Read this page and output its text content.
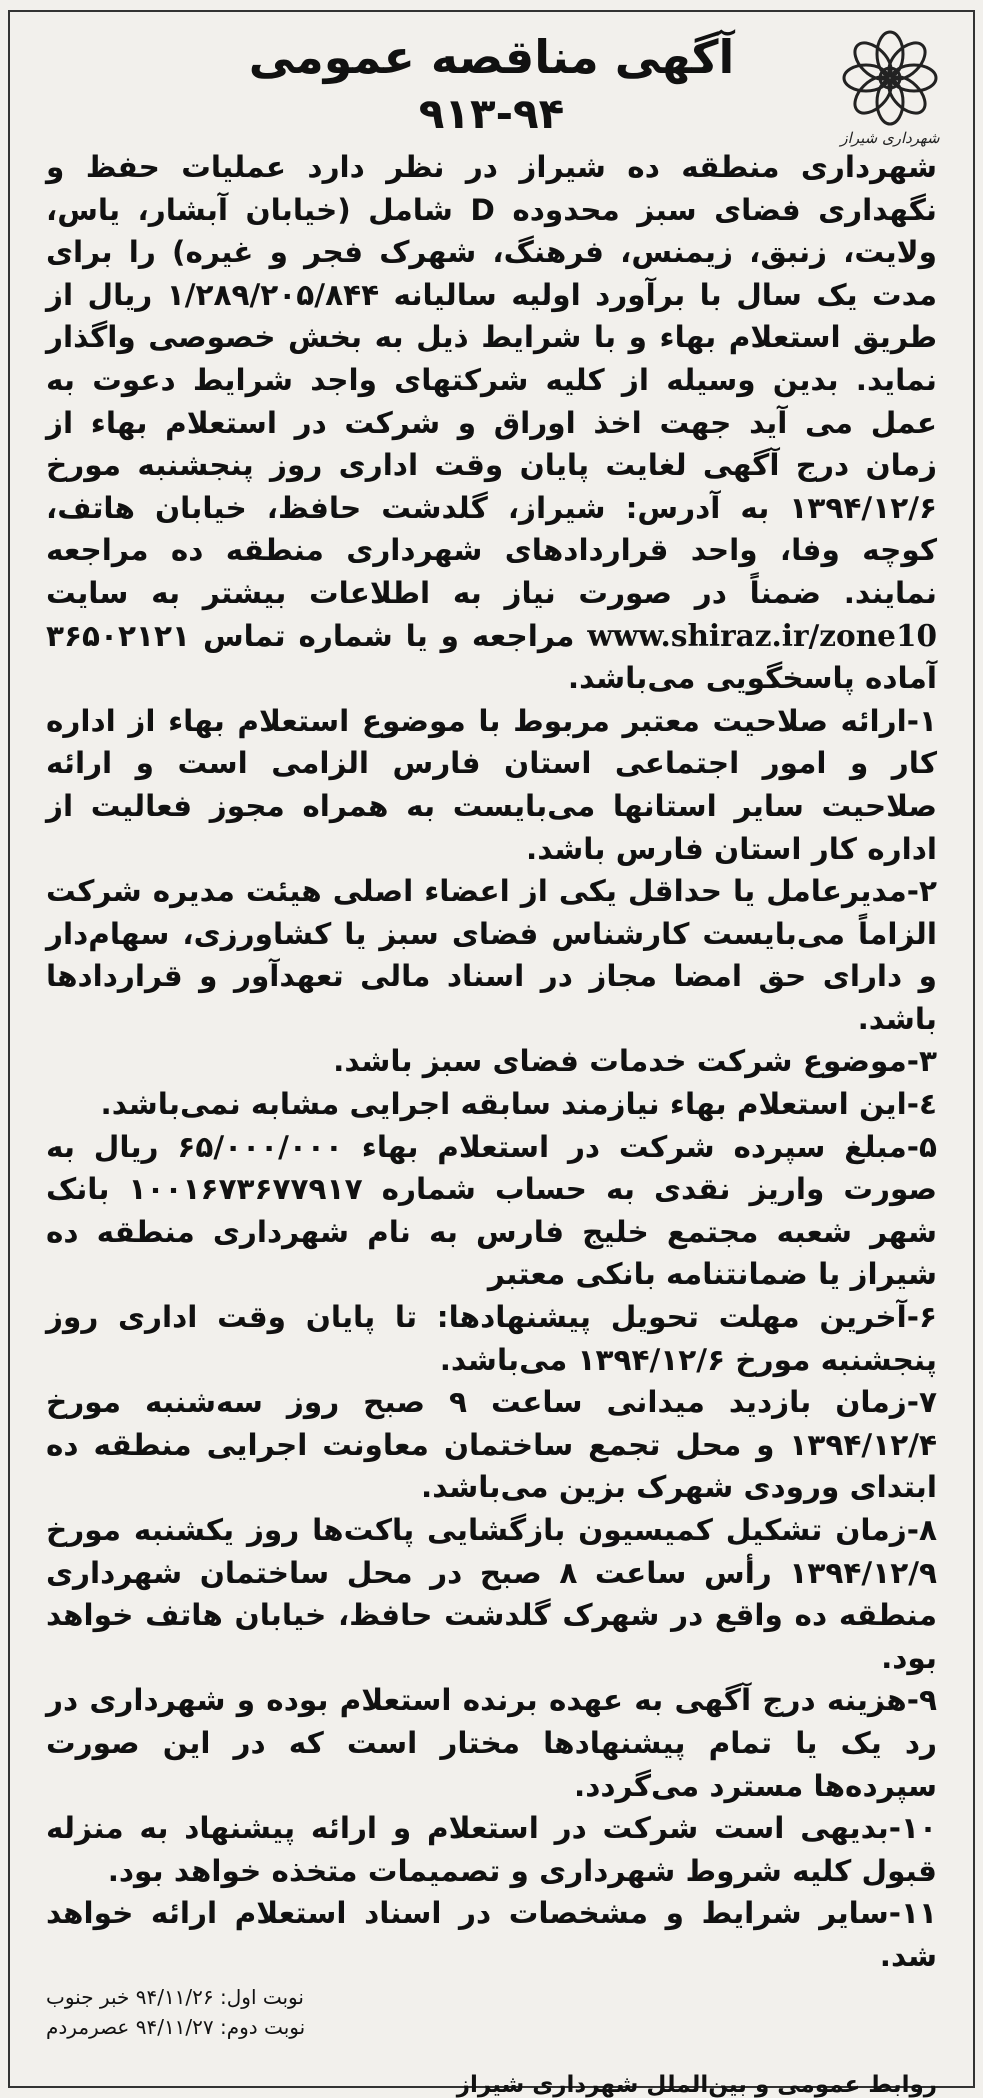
شهرداری شیراز
آگهی مناقصه عمومی
۹۱۳-۹۴

شهرداری منطقه ده شیراز در نظر دارد عملیات حفظ و نگهداری فضای سبز محدوده D شامل (خیابان آبشار، یاس، ولایت، زنبق، زیمنس، فرهنگ، شهرک فجر و غیره) را برای مدت یک سال با برآورد اولیه سالیانه ۱/۲۸۹/۲۰۵/۸۴۴ ریال از طریق استعلام بهاء و با شرایط ذیل به بخش خصوصی واگذار نماید. بدین وسیله از کلیه شرکتهای واجد شرایط دعوت به عمل می آید جهت اخذ اوراق و شرکت در استعلام بهاء از زمان درج آگهی لغایت پایان وقت اداری روز پنجشنبه مورخ ۱۳۹۴/۱۲/۶ به آدرس: شیراز، گلدشت حافظ، خیابان هاتف، کوچه وفا، واحد قراردادهای شهرداری منطقه ده مراجعه نمایند. ضمناً در صورت نیاز به اطلاعات بیشتر به سایت www.shiraz.ir/zone10 مراجعه و یا شماره تماس ۳۶۵۰۲۱۲۱ آماده پاسخگویی می‌باشد.

۱-ارائه صلاحیت معتبر مربوط با موضوع استعلام بهاء از اداره کار و امور اجتماعی استان فارس الزامی است و ارائه صلاحیت سایر استانها می‌بایست به همراه مجوز فعالیت از اداره کار استان فارس باشد.

۲-مدیرعامل یا حداقل یکی از اعضاء اصلی هیئت مدیره شرکت الزاماً می‌بایست کارشناس فضای سبز یا کشاورزی، سهام‌دار و دارای حق امضا مجاز در اسناد مالی تعهدآور و قراردادها باشد.

۳-موضوع شرکت خدمات فضای سبز باشد.

٤-این استعلام بهاء نیازمند سابقه اجرایی مشابه نمی‌باشد.

۵-مبلغ سپرده شرکت در استعلام بهاء ۶۵/۰۰۰/۰۰۰ ریال به صورت واریز نقدی به حساب شماره ۱۰۰۱۶۷۳۶۷۷۹۱۷ بانک شهر شعبه مجتمع خلیج فارس به نام شهرداری منطقه ده شیراز یا ضمانتنامه بانکی معتبر

۶-آخرین مهلت تحویل پیشنهادها: تا پایان وقت اداری روز پنجشنبه مورخ ۱۳۹۴/۱۲/۶ می‌باشد.

۷-زمان بازدید میدانی ساعت ۹ صبح روز سه‌شنبه مورخ ۱۳۹۴/۱۲/۴ و محل تجمع ساختمان معاونت اجرایی منطقه ده ابتدای ورودی شهرک بزین می‌باشد.

۸-زمان تشکیل کمیسیون بازگشایی پاکت‌ها روز یکشنبه مورخ ۱۳۹۴/۱۲/۹ رأس ساعت ۸ صبح در محل ساختمان شهرداری منطقه ده واقع در شهرک گلدشت حافظ، خیابان هاتف خواهد بود.

۹-هزینه درج آگهی به عهده برنده استعلام بوده و شهرداری در رد یک یا تمام پیشنهادها مختار است که در این صورت سپرده‌ها مسترد می‌گردد.

۱۰-بدیهی است شرکت در استعلام و ارائه پیشنهاد به منزله قبول کلیه شروط شهرداری و تصمیمات متخذه خواهد بود.

۱۱-سایر شرایط و مشخصات در اسناد استعلام ارائه خواهد شد.

نوبت اول: ۹۴/۱۱/۲۶ خبر جنوب
نوبت دوم: ۹۴/۱۱/۲۷ عصرمردم
روابط عمومی و بین‌الملل شهرداری شیراز
